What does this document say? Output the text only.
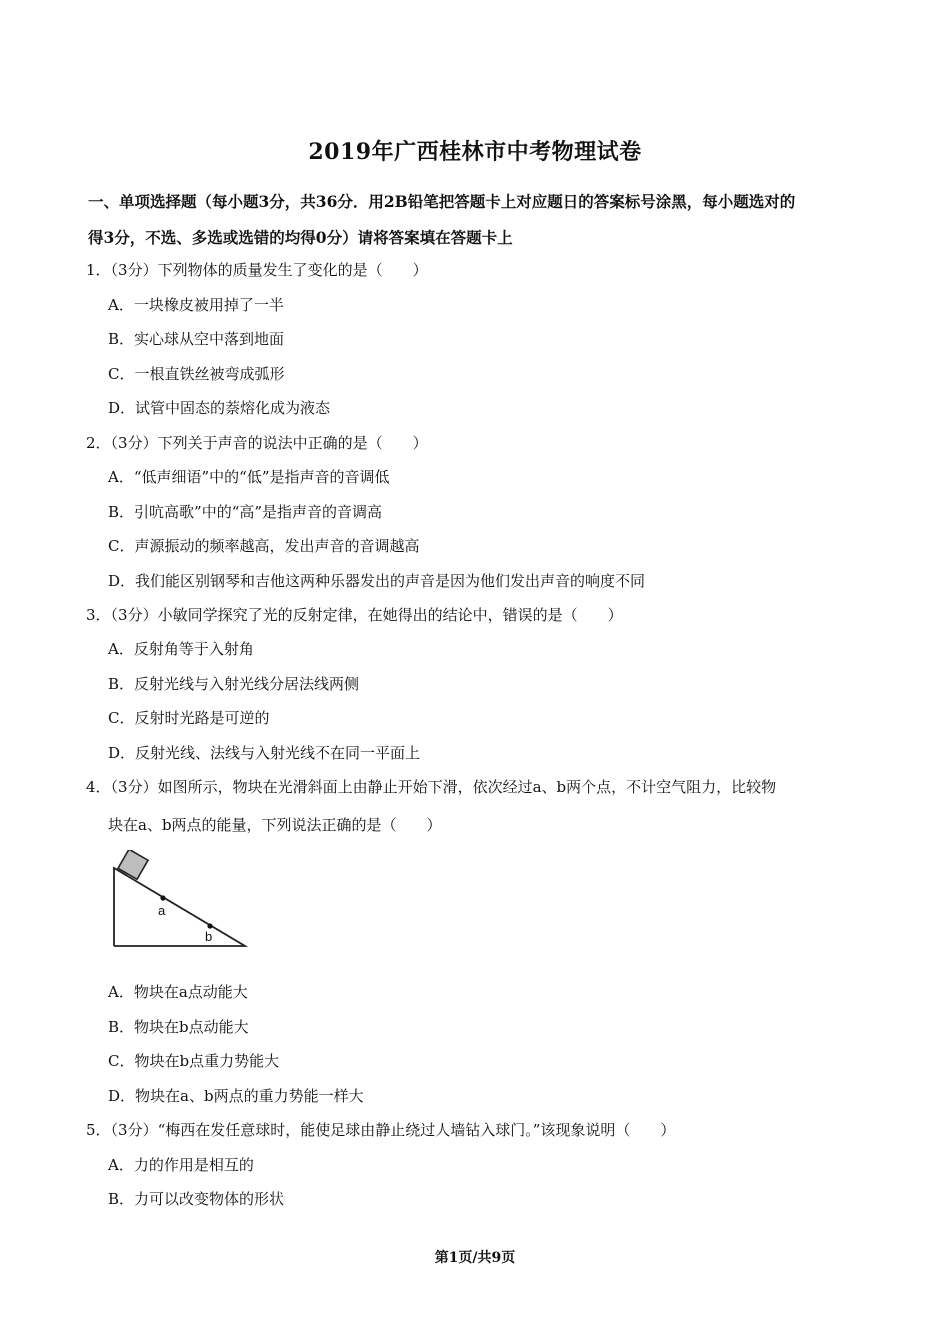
2019年广西桂林市中考物理试卷
一、单项选择题（每小题3分，共36分．用2B铅笔把答题卡上对应题日的答案标号涂黑，每小题选对的
得3分，不选、多选或选错的均得0分）请将答案填在答题卡上
1．（3分）下列物体的质量发生了变化的是（　　）
A．一块橡皮被用掉了一半
B．实心球从空中落到地面
C．一根直铁丝被弯成弧形
D．试管中固态的萘熔化成为液态
2．（3分）下列关于声音的说法中正确的是（　　）
A．“低声细语”中的“低”是指声音的音调低
B．引吭高歌”中的“高”是指声音的音调高
C．声源振动的频率越高，发出声音的音调越高
D．我们能区别钢琴和吉他这两种乐器发出的声音是因为他们发出声音的响度不同
3．（3分）小敏同学探究了光的反射定律，在她得出的结论中，错误的是（　　）
A．反射角等于入射角
B．反射光线与入射光线分居法线两侧
C．反射时光路是可逆的
D．反射光线、法线与入射光线不在同一平面上
4．（3分）如图所示，物块在光滑斜面上由静止开始下滑，依次经过a、b两个点，不计空气阻力，比较物
块在a、b两点的能量，下列说法正确的是（　　）
a
b
A．物块在a点动能大
B．物块在b点动能大
C．物块在b点重力势能大
D．物块在a、b两点的重力势能一样大
5．（3分）“梅西在发任意球时，能使足球由静止绕过人墙钻入球门。”该现象说明（　　）
A．力的作用是相互的
B．力可以改变物体的形状
第1页/共9页
